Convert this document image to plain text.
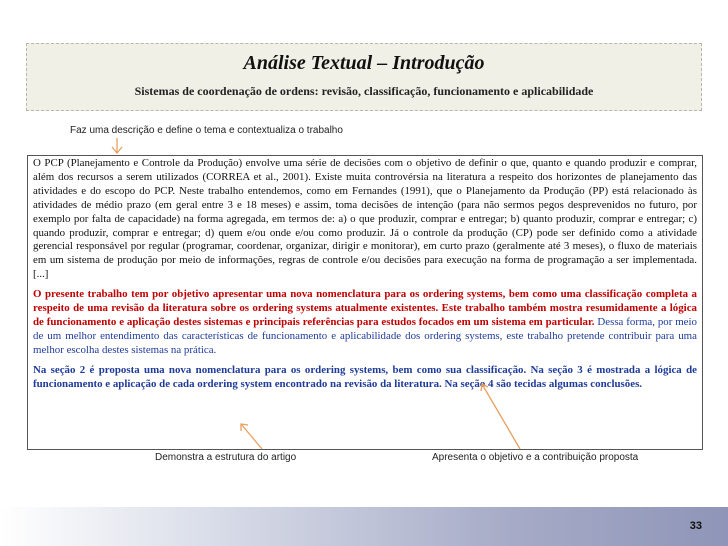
Análise Textual – Introdução
Sistemas de coordenação de ordens: revisão, classificação, funcionamento e aplicabilidade
Faz uma descrição e define o tema e contextualiza o trabalho

O PCP (Planejamento e Controle da Produção) envolve uma série de decisões com o objetivo de definir o que, quanto e quando produzir e comprar, além dos recursos a serem utilizados (CORREA et al., 2001). Existe muita controvérsia na literatura a respeito dos horizontes de planejamento das atividades e do escopo do PCP. Neste trabalho entendemos, como em Fernandes (1991), que o Planejamento da Produção (PP) está relacionado às atividades de médio prazo (em geral entre 3 e 18 meses) e assim, toma decisões de intenção (para não sermos pegos desprevenidos no futuro, por exemplo por falta de capacidade) na forma agregada, em termos de: a) o que produzir, comprar e entregar; b) quanto produzir, comprar e entregar; c) quando produzir, comprar e entregar; d) quem e/ou onde e/ou como produzir. Já o controle da produção (CP) pode ser definido como a atividade gerencial responsável por regular (programar, coordenar, organizar, dirigir e monitorar), em curto prazo (geralmente até 3 meses), o fluxo de materiais em um sistema de produção por meio de informações, regras de controle e/ou decisões para execução na forma de programação a ser implementada. [...]

O presente trabalho tem por objetivo apresentar uma nova nomenclatura para os ordering systems, bem como uma classificação completa a respeito de uma revisão da literatura sobre os ordering systems atualmente existentes. Este trabalho também mostra resumidamente a lógica de funcionamento e aplicação destes sistemas e principais referências para estudos focados em um sistema em particular. Dessa forma, por meio de um melhor entendimento das características de funcionamento e aplicabilidade dos ordering systems, este trabalho pretende contribuir para uma melhor escolha destes sistemas na prática.

Na seção 2 é proposta uma nova nomenclatura para os ordering systems, bem como sua classificação. Na seção 3 é mostrada a lógica de funcionamento e aplicação de cada ordering system encontrado na revisão da literatura. Na seção 4 são tecidas algumas conclusões.

Demonstra a estrutura do artigo	Apresenta o objetivo e a contribuição proposta
33
